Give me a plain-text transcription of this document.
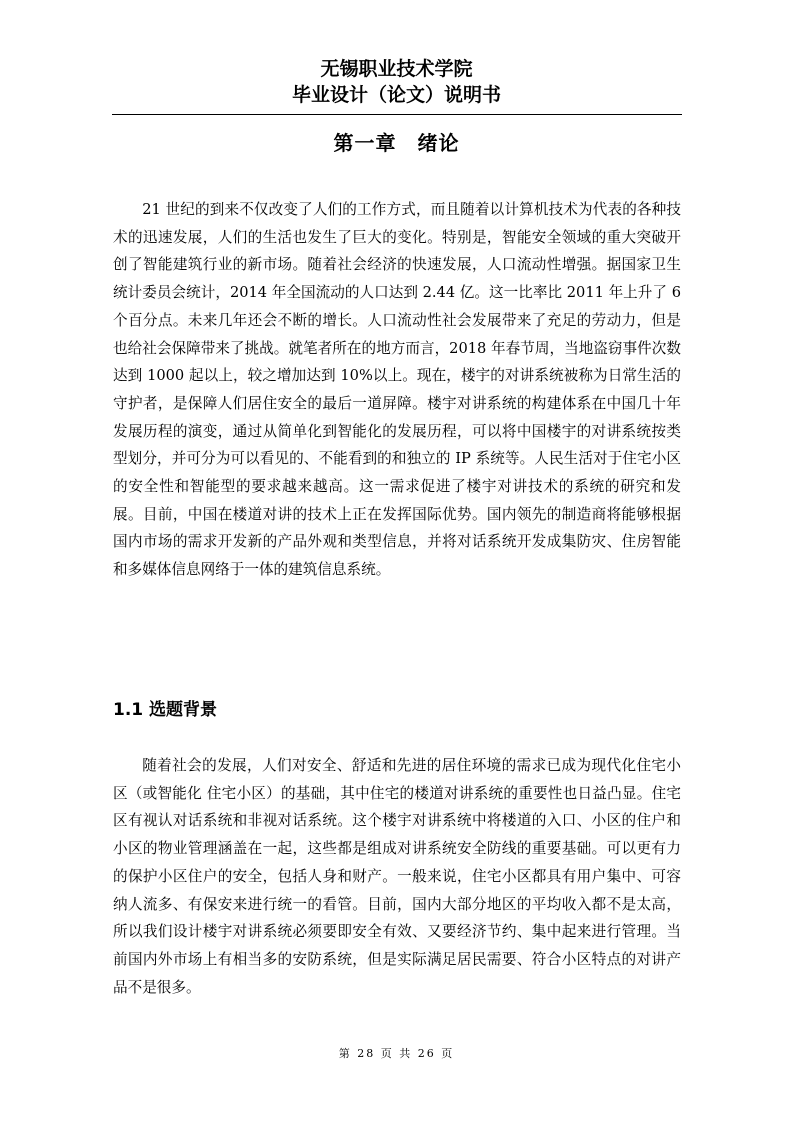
无锡职业技术学院
毕业设计（论文）说明书
第一章　绪论

21 世纪的到来不仅改变了人们的工作方式，而且随着以计算机技术为代表的各种技术的迅速发展，人们的生活也发生了巨大的变化。特别是，智能安全领域的重大突破开创了智能建筑行业的新市场。随着社会经济的快速发展，人口流动性增强。据国家卫生统计委员会统计，2014 年全国流动的人口达到 2.44 亿。这一比率比 2011 年上升了 6 个百分点。未来几年还会不断的增长。人口流动性社会发展带来了充足的劳动力，但是也给社会保障带来了挑战。就笔者所在的地方而言，2018 年春节周，当地盗窃事件次数达到 1000 起以上，较之增加达到 10%以上。现在，楼宇的对讲系统被称为日常生活的守护者，是保障人们居住安全的最后一道屏障。楼宇对讲系统的构建体系在中国几十年发展历程的演变，通过从简单化到智能化的发展历程，可以将中国楼宇的对讲系统按类型划分，并可分为可以看见的、不能看到的和独立的 IP 系统等。人民生活对于住宅小区的安全性和智能型的要求越来越高。这一需求促进了楼宇对讲技术的系统的研究和发展。目前，中国在楼道对讲的技术上正在发挥国际优势。国内领先的制造商将能够根据国内市场的需求开发新的产品外观和类型信息，并将对话系统开发成集防灾、住房智能和多媒体信息网络于一体的建筑信息系统。

1.1 选题背景

随着社会的发展，人们对安全、舒适和先进的居住环境的需求已成为现代化住宅小区（或智能化 住宅小区）的基础，其中住宅的楼道对讲系统的重要性也日益凸显。住宅区有视认对话系统和非视对话系统。这个楼宇对讲系统中将楼道的入口、小区的住户和小区的物业管理涵盖在一起，这些都是组成对讲系统安全防线的重要基础。可以更有力的保护小区住户的安全，包括人身和财产。一般来说，住宅小区都具有用户集中、可容纳人流多、有保安来进行统一的看管。目前，国内大部分地区的平均收入都不是太高，所以我们设计楼宇对讲系统必须要即安全有效、又要经济节约、集中起来进行管理。当前国内外市场上有相当多的安防系统，但是实际满足居民需要、符合小区特点的对讲产品不是很多。

第 28 页 共 26 页
